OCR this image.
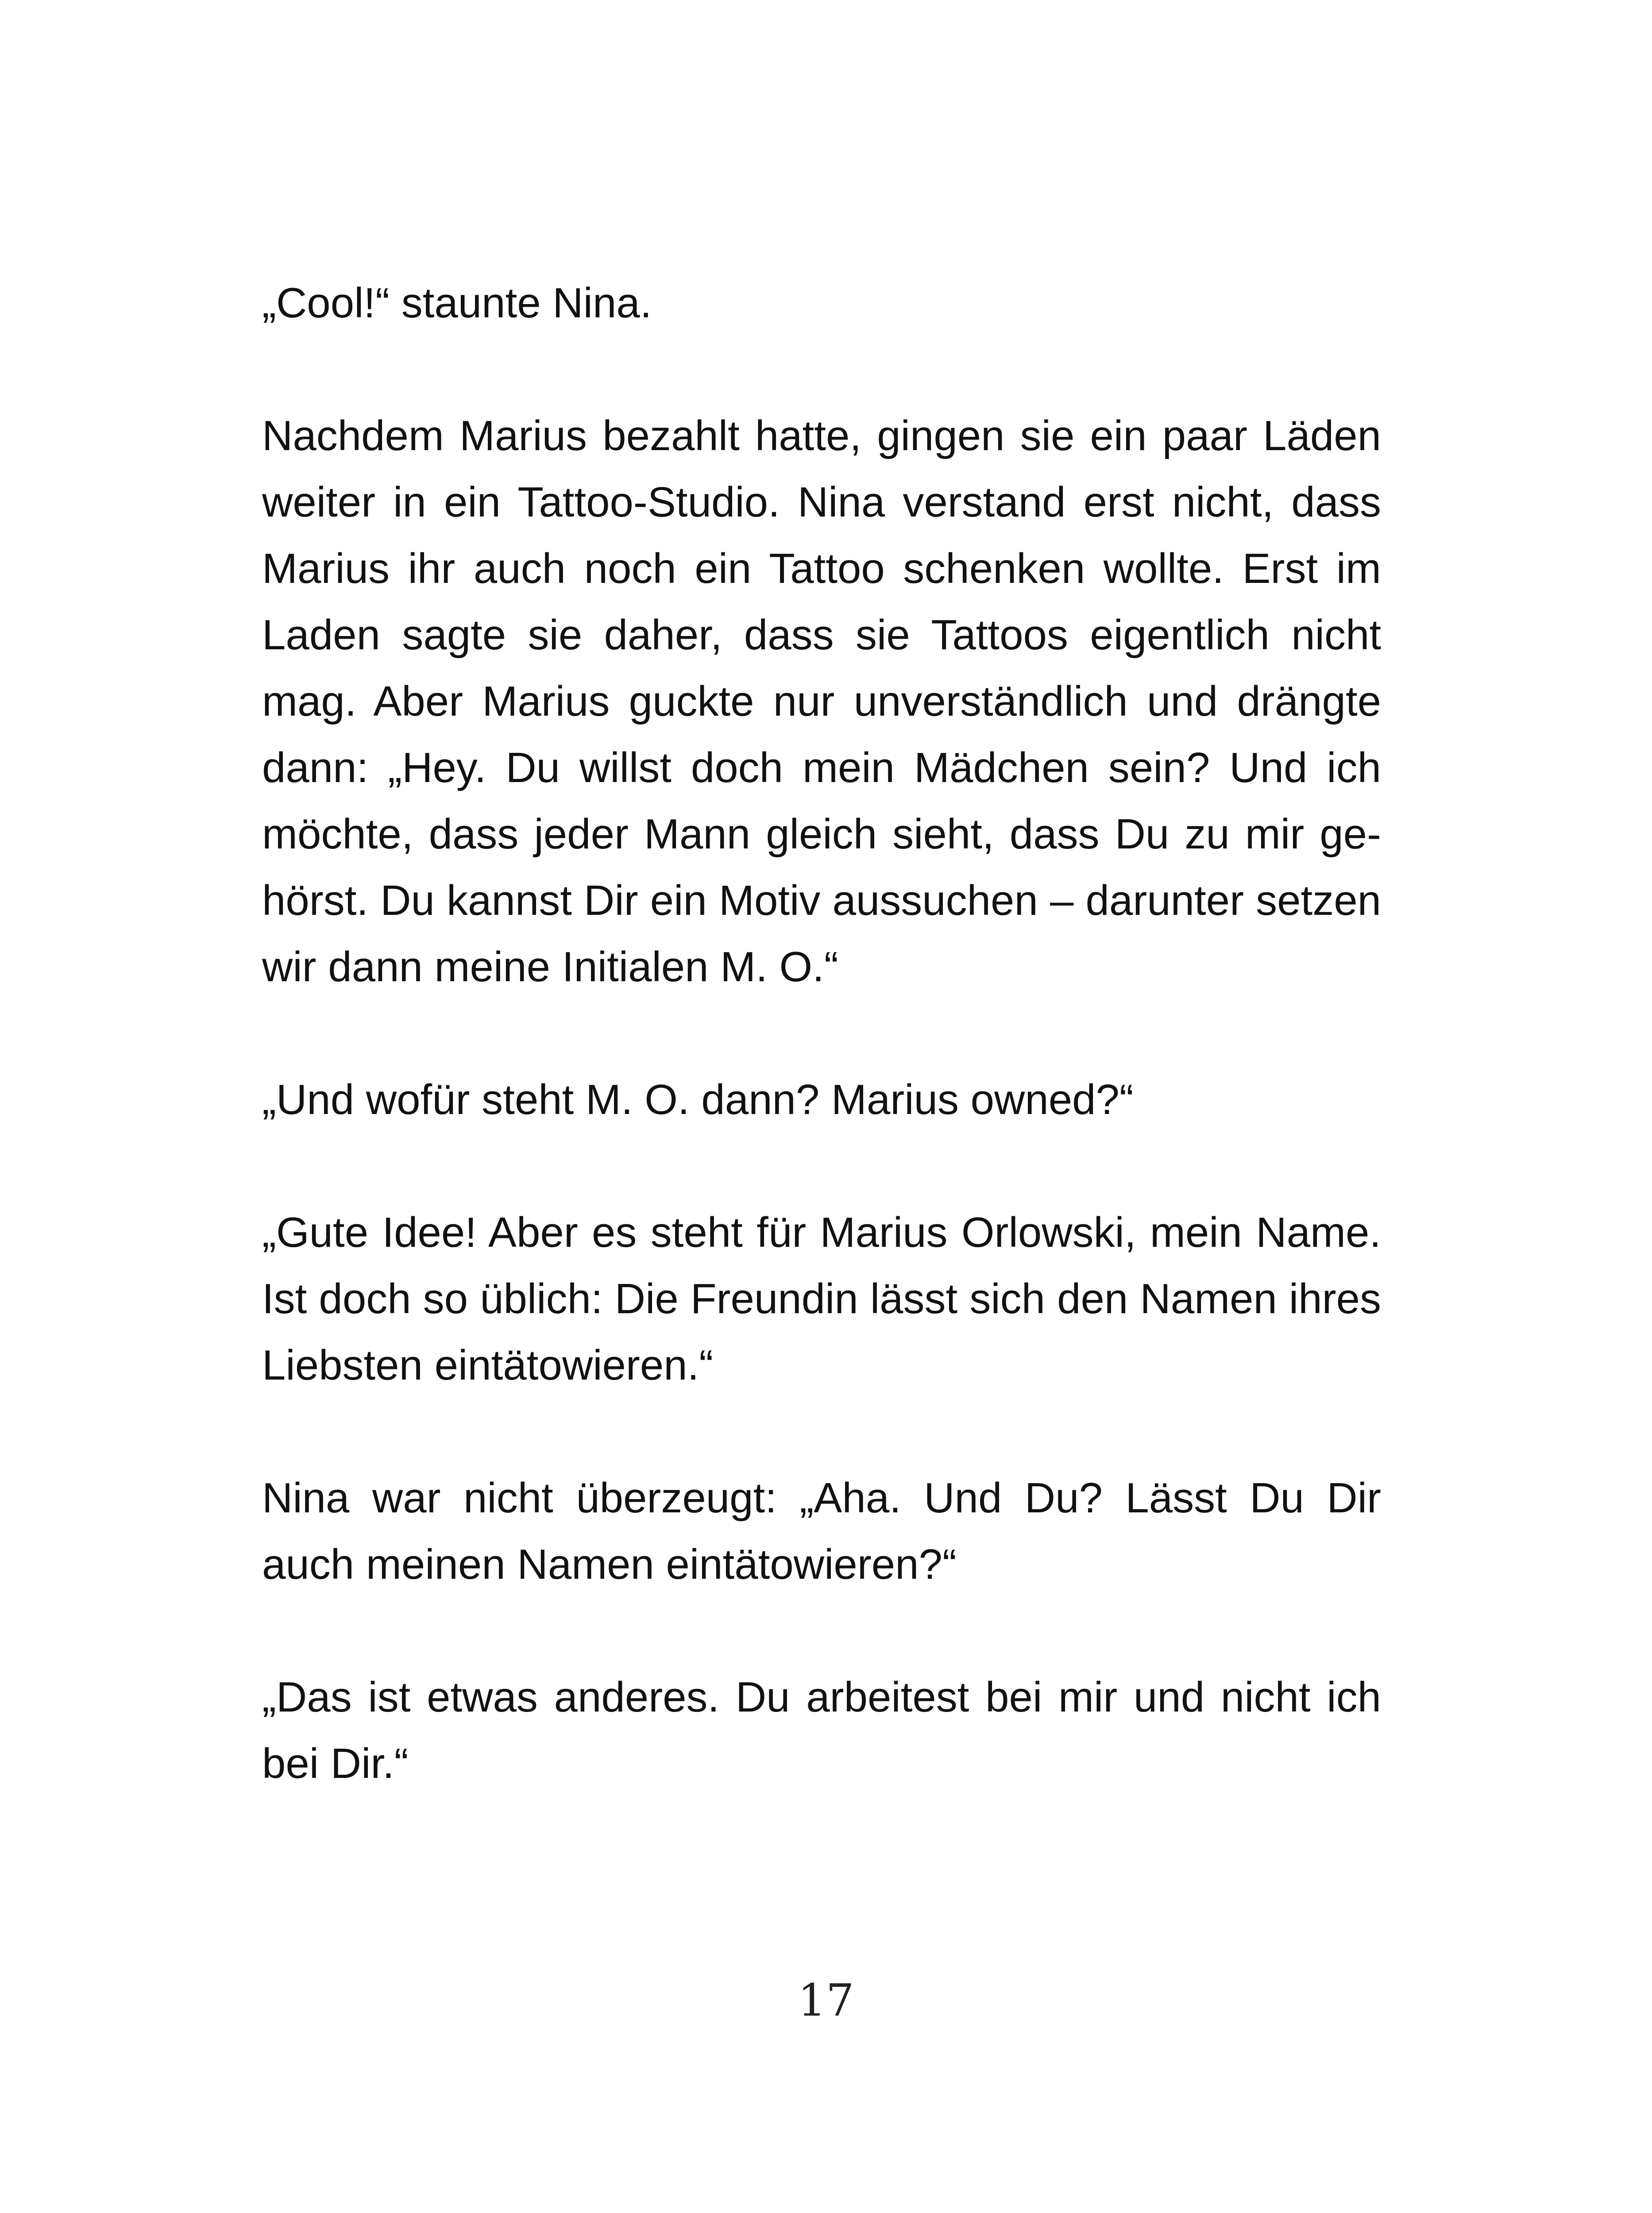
„Cool!“ staunte Nina.

Nachdem Marius bezahlt hatte, gingen sie ein paar Läden weiter in ein Tattoo-Studio. Nina verstand erst nicht, dass Marius ihr auch noch ein Tattoo schenken wollte. Erst im Laden sagte sie daher, dass sie Tattoos eigentlich nicht mag. Aber Marius guckte nur unverständlich und drängte dann: „Hey. Du willst doch mein Mädchen sein? Und ich möchte, dass jeder Mann gleich sieht, dass Du zu mir gehörst. Du kannst Dir ein Motiv aussuchen – darunter setzen wir dann meine Initialen M. O.“

„Und wofür steht M. O. dann? Marius owned?“

„Gute Idee! Aber es steht für Marius Orlowski, mein Name. Ist doch so üblich: Die Freundin lässt sich den Namen ihres Liebsten eintätowieren.“

Nina war nicht überzeugt: „Aha. Und Du? Lässt Du Dir auch meinen Namen eintätowieren?“

„Das ist etwas anderes. Du arbeitest bei mir und nicht ich bei Dir.“

17
